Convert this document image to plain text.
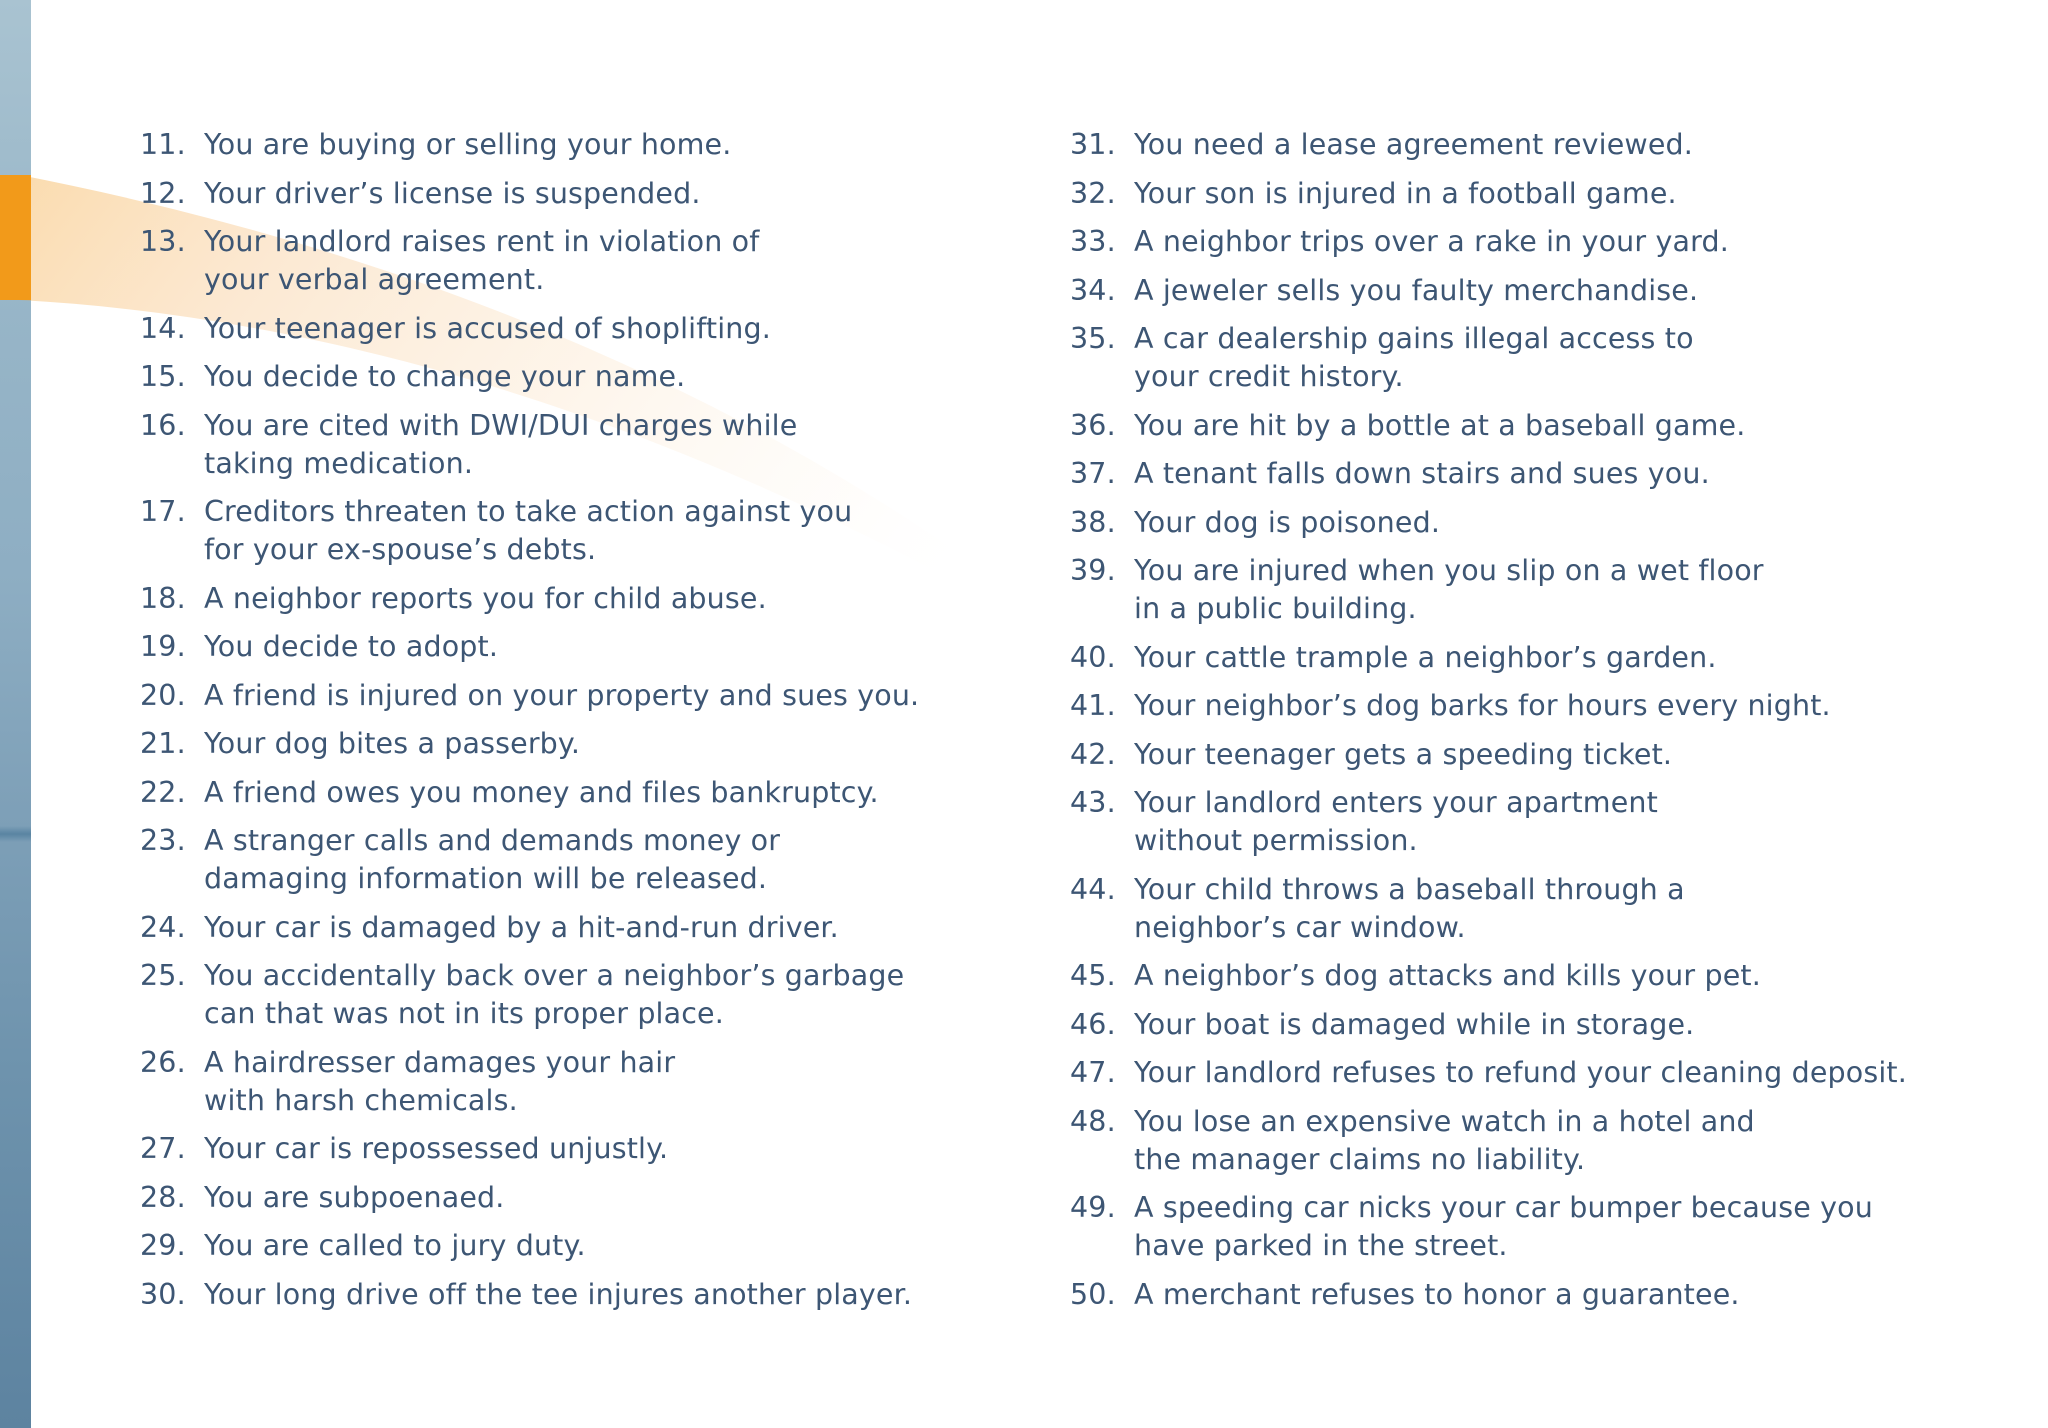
11. You are buying or selling your home.
12. Your driver’s license is suspended.
13. Your landlord raises rent in violation of
your verbal agreement.
14. Your teenager is accused of shoplifting.
15. You decide to change your name.
16. You are cited with DWI/DUI charges while
taking medication.
17. Creditors threaten to take action against you
for your ex-spouse’s debts.
18. A neighbor reports you for child abuse.
19. You decide to adopt.
20. A friend is injured on your property and sues you.
21. Your dog bites a passerby.
22. A friend owes you money and files bankruptcy.
23. A stranger calls and demands money or
damaging information will be released.
24. Your car is damaged by a hit-and-run driver.
25. You accidentally back over a neighbor’s garbage
can that was not in its proper place.
26. A hairdresser damages your hair
with harsh chemicals.
27. Your car is repossessed unjustly.
28. You are subpoenaed.
29. You are called to jury duty.
30. Your long drive off the tee injures another player.
31. You need a lease agreement reviewed.
32. Your son is injured in a football game.
33. A neighbor trips over a rake in your yard.
34. A jeweler sells you faulty merchandise.
35. A car dealership gains illegal access to
your credit history.
36. You are hit by a bottle at a baseball game.
37. A tenant falls down stairs and sues you.
38. Your dog is poisoned.
39. You are injured when you slip on a wet floor
in a public building.
40. Your cattle trample a neighbor’s garden.
41. Your neighbor’s dog barks for hours every night.
42. Your teenager gets a speeding ticket.
43. Your landlord enters your apartment
without permission.
44. Your child throws a baseball through a
neighbor’s car window.
45. A neighbor’s dog attacks and kills your pet.
46. Your boat is damaged while in storage.
47. Your landlord refuses to refund your cleaning deposit.
48. You lose an expensive watch in a hotel and
the manager claims no liability.
49. A speeding car nicks your car bumper because you
have parked in the street.
50. A merchant refuses to honor a guarantee.
